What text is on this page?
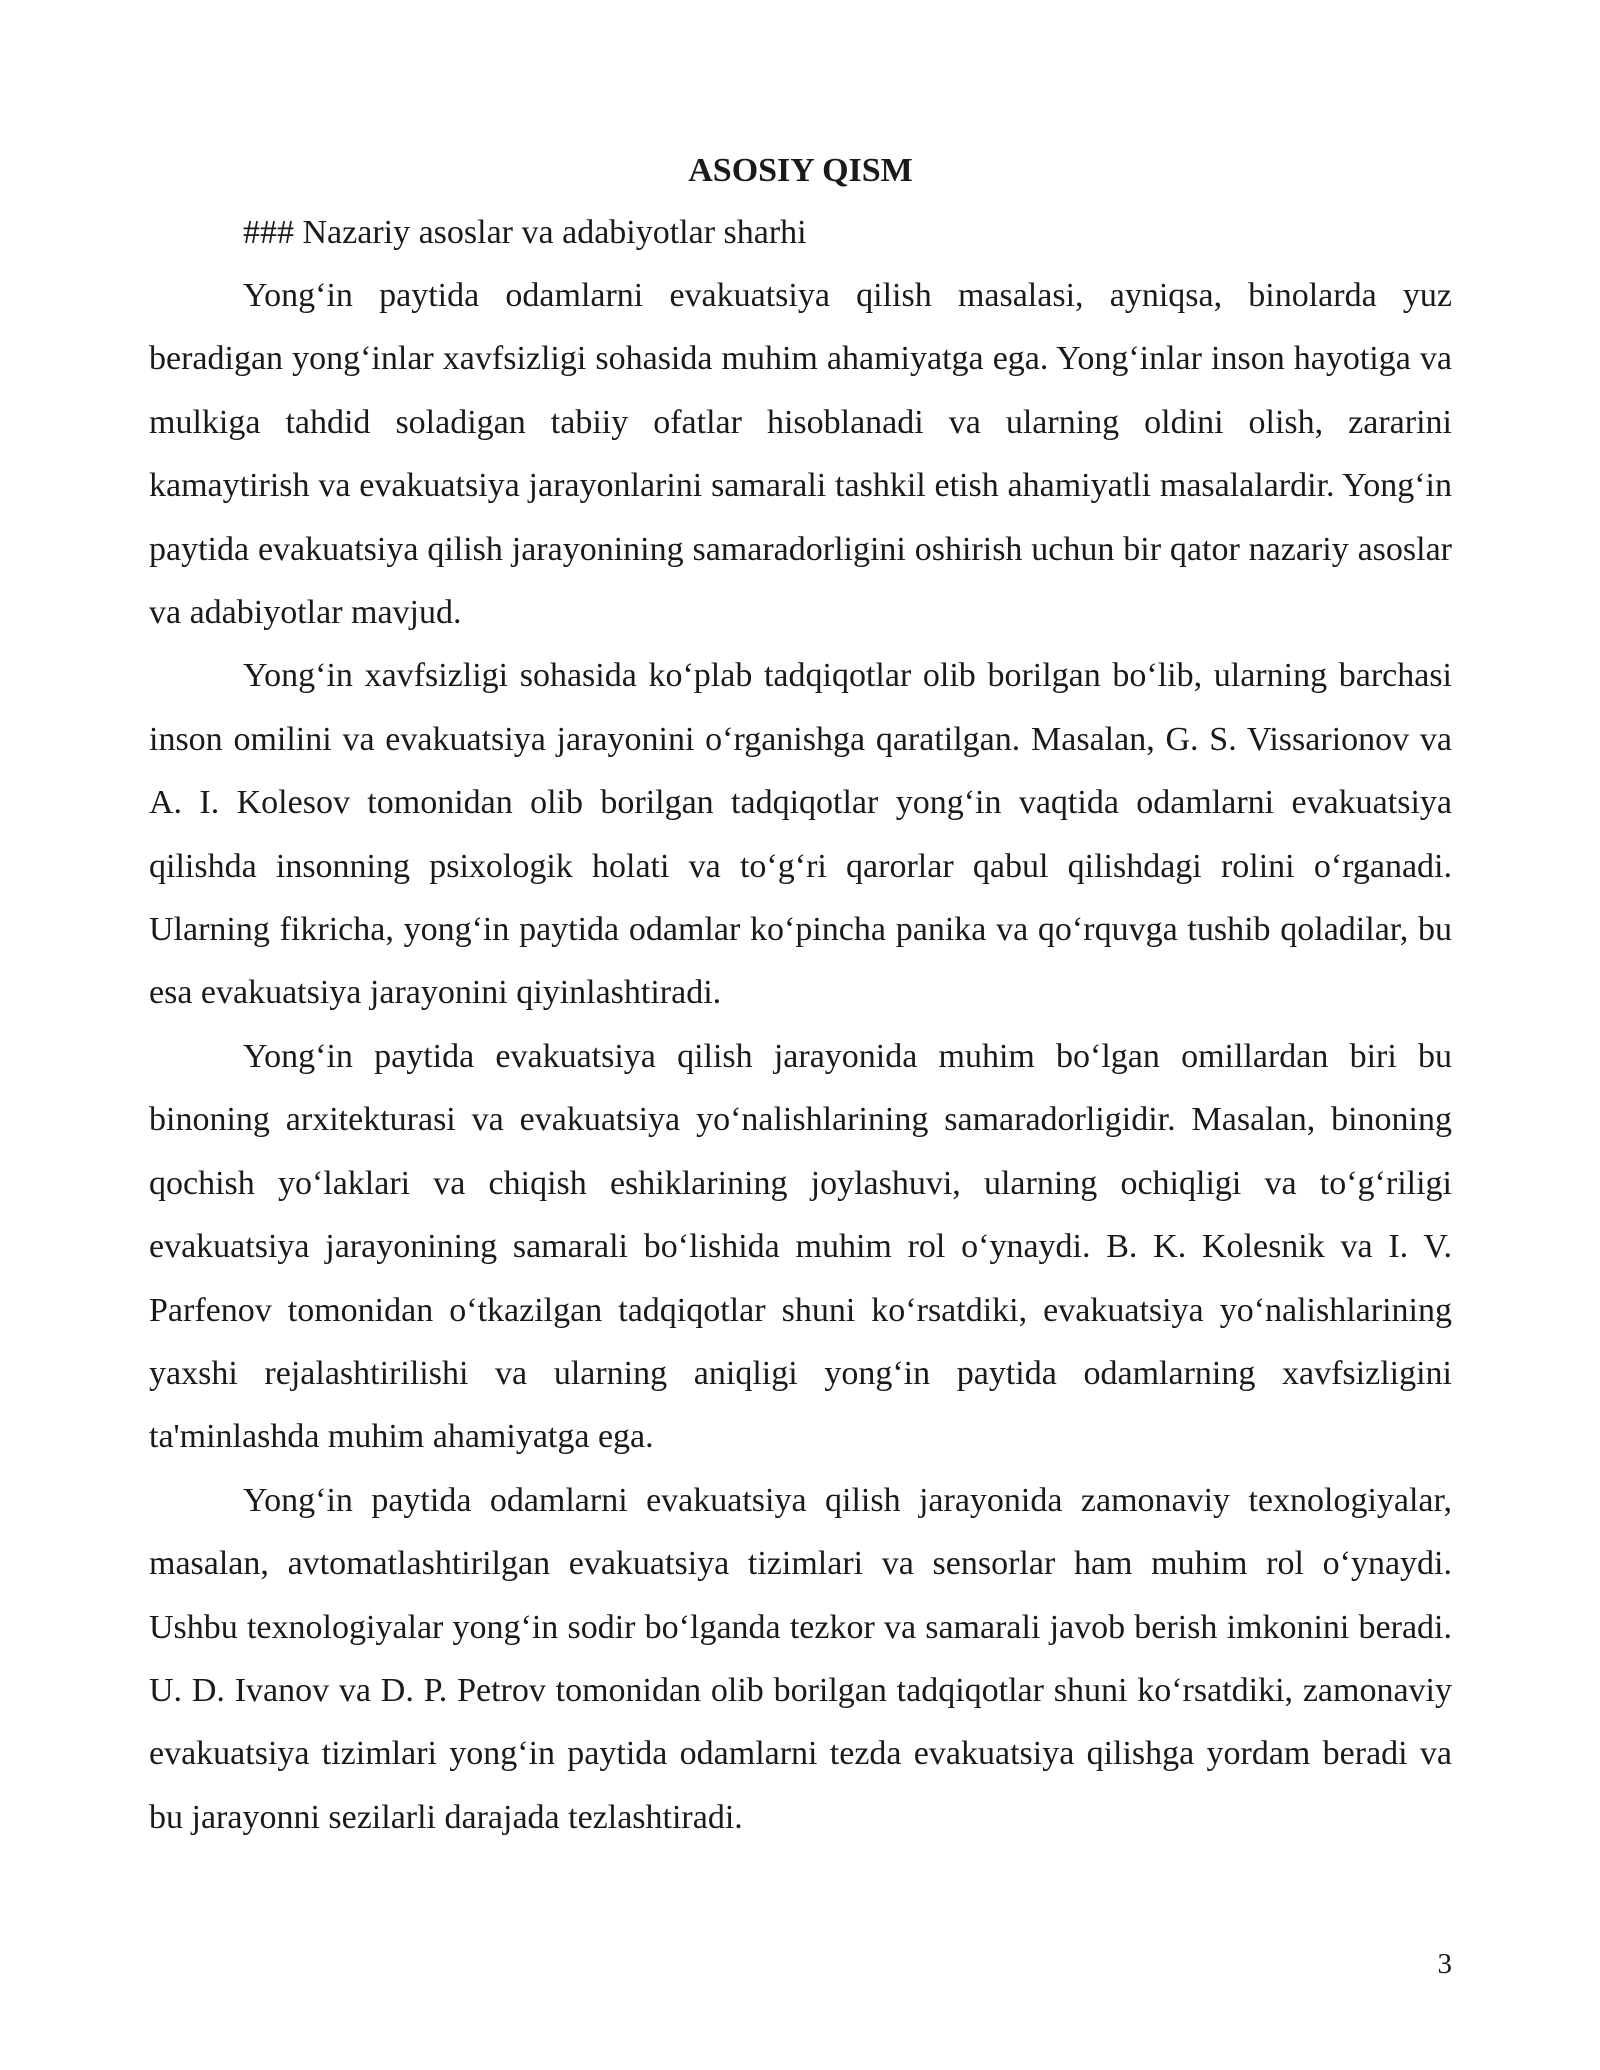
ASOSIY QISM

### Nazariy asoslar va adabiyotlar sharhi

Yong‘in paytida odamlarni evakuatsiya qilish masalasi, ayniqsa, binolarda yuz beradigan yong‘inlar xavfsizligi sohasida muhim ahamiyatga ega. Yong‘inlar inson hayotiga va mulkiga tahdid soladigan tabiiy ofatlar hisoblanadi va ularning oldini olish, zararini kamaytirish va evakuatsiya jarayonlarini samarali tashkil etish ahamiyatli masalalardir. Yong‘in paytida evakuatsiya qilish jarayonining samaradorligini oshirish uchun bir qator nazariy asoslar va adabiyotlar mavjud.

Yong‘in xavfsizligi sohasida ko‘plab tadqiqotlar olib borilgan bo‘lib, ularning barchasi inson omilini va evakuatsiya jarayonini o‘rganishga qaratilgan. Masalan, G. S. Vissarionov va A. I. Kolesov tomonidan olib borilgan tadqiqotlar yong‘in vaqtida odamlarni evakuatsiya qilishda insonning psixologik holati va to‘g‘ri qarorlar qabul qilishdagi rolini o‘rganadi. Ularning fikricha, yong‘in paytida odamlar ko‘pincha panika va qo‘rquvga tushib qoladilar, bu esa evakuatsiya jarayonini qiyinlashtiradi.

Yong‘in paytida evakuatsiya qilish jarayonida muhim bo‘lgan omillardan biri bu binoning arxitekturasi va evakuatsiya yo‘nalishlarining samaradorligidir. Masalan, binoning qochish yo‘laklari va chiqish eshiklarining joylashuvi, ularning ochiqligi va to‘g‘riligi evakuatsiya jarayonining samarali bo‘lishida muhim rol o‘ynaydi. B. K. Kolesnik va I. V. Parfenov tomonidan o‘tkazilgan tadqiqotlar shuni ko‘rsatdiki, evakuatsiya yo‘nalishlarining yaxshi rejalashtirilishi va ularning aniqligi yong‘in paytida odamlarning xavfsizligini ta'minlashda muhim ahamiyatga ega.

Yong‘in paytida odamlarni evakuatsiya qilish jarayonida zamonaviy texnologiyalar, masalan, avtomatlashtirilgan evakuatsiya tizimlari va sensorlar ham muhim rol o‘ynaydi. Ushbu texnologiyalar yong‘in sodir bo‘lganda tezkor va samarali javob berish imkonini beradi. U. D. Ivanov va D. P. Petrov tomonidan olib borilgan tadqiqotlar shuni ko‘rsatdiki, zamonaviy evakuatsiya tizimlari yong‘in paytida odamlarni tezda evakuatsiya qilishga yordam beradi va bu jarayonni sezilarli darajada tezlashtiradi.

3
